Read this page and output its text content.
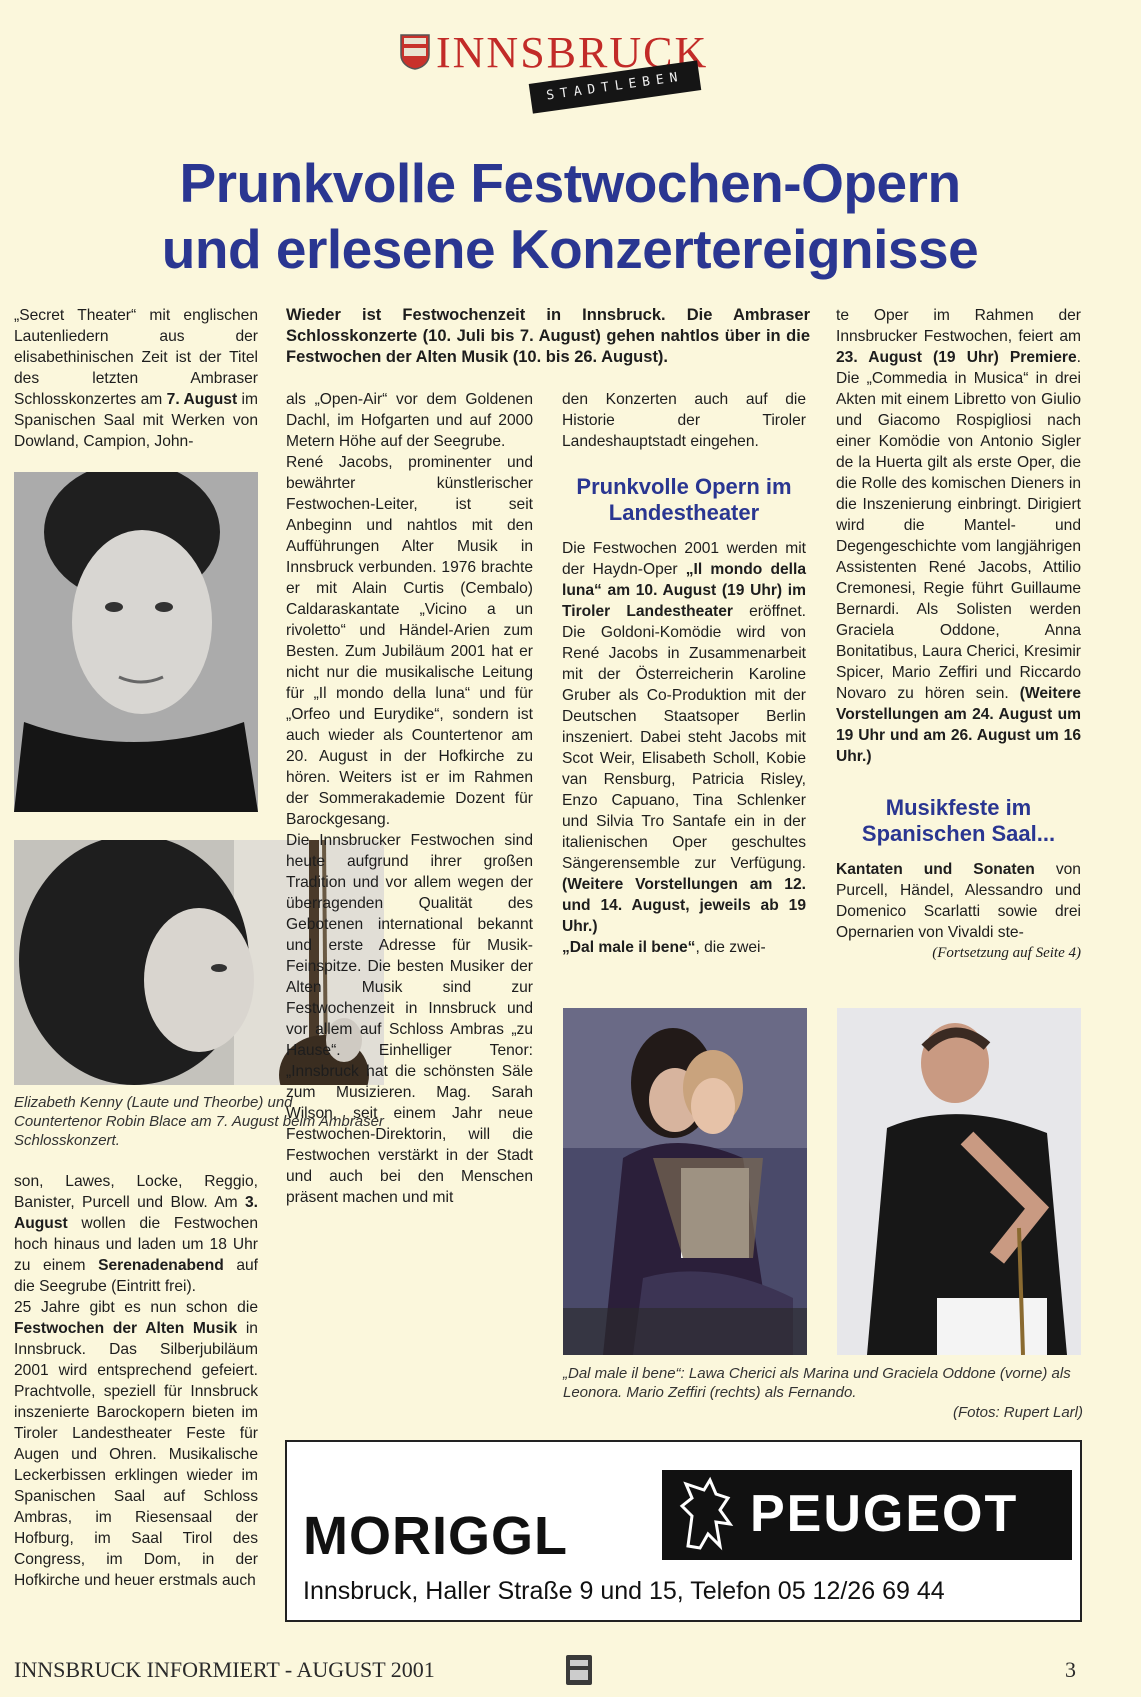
INNSBRUCK
STADTLEBEN
Prunkvolle Festwochen-Opern
und erlesene Konzertereignisse

„Secret Theater“ mit englischen Lautenliedern aus der elisabethinischen Zeit ist der Titel des letzten Ambraser Schlosskonzertes am 7. August im Spanischen Saal mit Werken von Dowland, Campion, John-

Wieder ist Festwochenzeit in Innsbruck. Die Ambraser Schlosskonzerte (10. Juli bis 7. August) gehen nahtlos über in die Festwochen der Alten Musik (10. bis 26. August).
Elizabeth Kenny (Laute und Theorbe) und Countertenor Robin Blace am 7. August beim Ambraser Schlosskonzert.

son, Lawes, Locke, Reggio, Banister, Purcell und Blow. Am 3. August wollen die Festwochen hoch hinaus und laden um 18 Uhr zu einem Serenadenabend auf die Seegrube (Eintritt frei).

25 Jahre gibt es nun schon die Festwochen der Alten Musik in Innsbruck. Das Silberjubiläum 2001 wird entsprechend gefeiert. Prachtvolle, speziell für Innsbruck inszenierte Barockopern bieten im Tiroler Landestheater Feste für Augen und Ohren. Musikalische Leckerbissen erklingen wieder im Spanischen Saal auf Schloss Ambras, im Riesensaal der Hofburg, im Saal Tirol des Congress, im Dom, in der Hofkirche und heuer erstmals auch

als „Open-Air“ vor dem Goldenen Dachl, im Hofgarten und auf 2000 Metern Höhe auf der Seegrube.

René Jacobs, prominenter und bewährter künstlerischer Festwochen-Leiter, ist seit Anbeginn und nahtlos mit den Aufführungen Alter Musik in Innsbruck verbunden. 1976 brachte er mit Alain Curtis (Cembalo) Caldaraskantate „Vicino a un rivoletto“ und Händel-Arien zum Besten. Zum Jubiläum 2001 hat er nicht nur die musikalische Leitung für „Il mondo della luna“ und für „Orfeo und Eurydike“, sondern ist auch wieder als Countertenor am 20. August in der Hofkirche zu hören. Weiters ist er im Rahmen der Sommerakademie Dozent für Barockgesang.

Die Innsbrucker Festwochen sind heute aufgrund ihrer großen Tradition und vor allem wegen der überragenden Qualität des Gebotenen international bekannt und erste Adresse für Musik-Feinspitze. Die besten Musiker der Alten Musik sind zur Festwochenzeit in Innsbruck und vor allem auf Schloss Ambras „zu Hause“. Einhelliger Tenor: „Innsbruck hat die schönsten Säle zum Musizieren. Mag. Sarah Wilson, seit einem Jahr neue Festwochen-Direktorin, will die Festwochen verstärkt in der Stadt und auch bei den Menschen präsent machen und mit

den Konzerten auch auf die Historie der Tiroler Landeshauptstadt eingehen.

Prunkvolle Opern im Landestheater

Die Festwochen 2001 werden mit der Haydn-Oper „Il mondo della luna“ am 10. August (19 Uhr) im Tiroler Landestheater eröffnet. Die Goldoni-Komödie wird von René Jacobs in Zusammenarbeit mit der Österreicherin Karoline Gruber als Co-Produktion mit der Deutschen Staatsoper Berlin inszeniert. Dabei steht Jacobs mit Scot Weir, Elisabeth Scholl, Kobie van Rensburg, Patricia Risley, Enzo Capuano, Tina Schlenker und Silvia Tro Santafe ein in der italienischen Oper geschultes Sängerensemble zur Verfügung. (Weitere Vorstellungen am 12. und 14. August, jeweils ab 19 Uhr.)

„Dal male il bene“, die zwei-

te Oper im Rahmen der Innsbrucker Festwochen, feiert am 23. August (19 Uhr) Premiere. Die „Commedia in Musica“ in drei Akten mit einem Libretto von Giulio und Giacomo Rospigliosi nach einer Komödie von Antonio Sigler de la Huerta gilt als erste Oper, die die Rolle des komischen Dieners in die Inszenierung einbringt. Dirigiert wird die Mantel- und Degengeschichte vom langjährigen Assistenten René Jacobs, Attilio Cremonesi, Regie führt Guillaume Bernardi. Als Solisten werden Graciela Oddone, Anna Bonitatibus, Laura Cherici, Kresimir Spicer, Mario Zeffiri und Riccardo Novaro zu hören sein. (Weitere Vorstellungen am 24. August um 19 Uhr und am 26. August um 16 Uhr.)

Musikfeste im Spanischen Saal...

Kantaten und Sonaten von Purcell, Händel, Alessandro und Domenico Scarlatti sowie drei Opernarien von Vivaldi ste-

(Fortsetzung auf Seite 4)

„Dal male il bene“: Lawa Cherici als Marina und Graciela Oddone (vorne) als Leonora. Mario Zeffiri (rechts) als Fernando.
(Fotos: Rupert Larl)
MORIGGL	PEUGEOT
Innsbruck, Haller Straße 9 und 15, Telefon 05 12/26 69 44
INNSBRUCK INFORMIERT - AUGUST 2001	3
